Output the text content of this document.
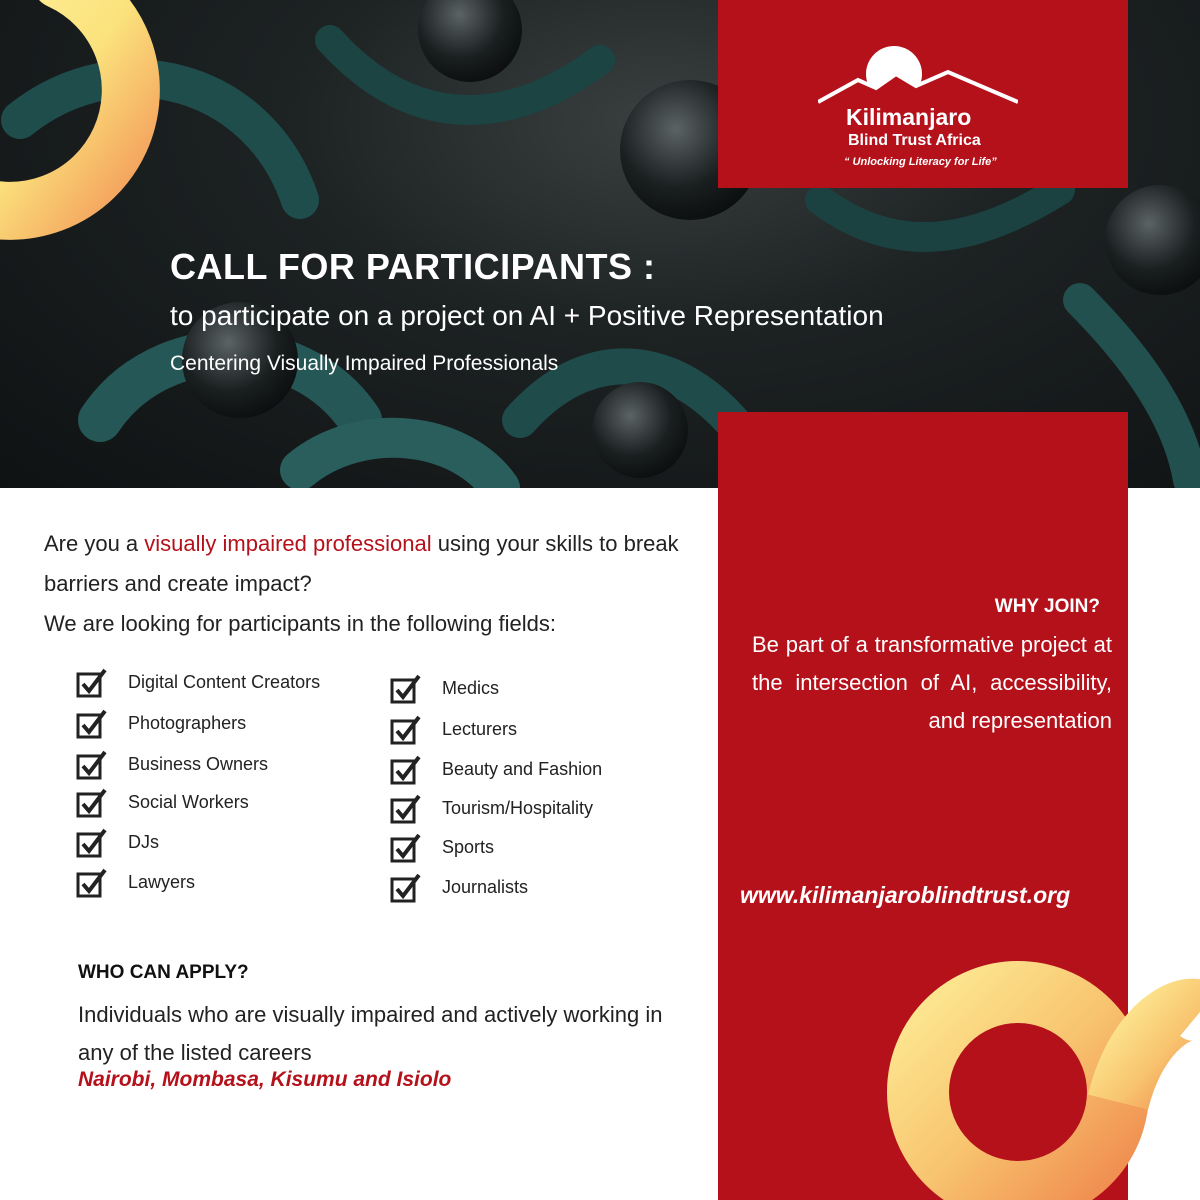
CALL FOR PARTICIPANTS :

to participate on a project on AI + Positive Representation

Centering Visually Impaired Professionals

Kilimanjaro

Blind Trust Africa

“ Unlocking Literacy for Life”

WHY JOIN?

Be part of a transformative project at the intersection of AI, accessibility, and representation

www.kilimanjaroblindtrust.org

Are you a visually impaired professional using your skills to break barriers and create impact?
We are looking for participants in the following fields:

Digital Content Creators
Photographers
Business Owners
Social Workers
DJs
Lawyers
Medics
Lecturers
Beauty and Fashion
Tourism/Hospitality
Sports
Journalists

WHO CAN APPLY?

Individuals who are visually impaired and actively working in any of the listed careers

Nairobi, Mombasa, Kisumu and Isiolo
